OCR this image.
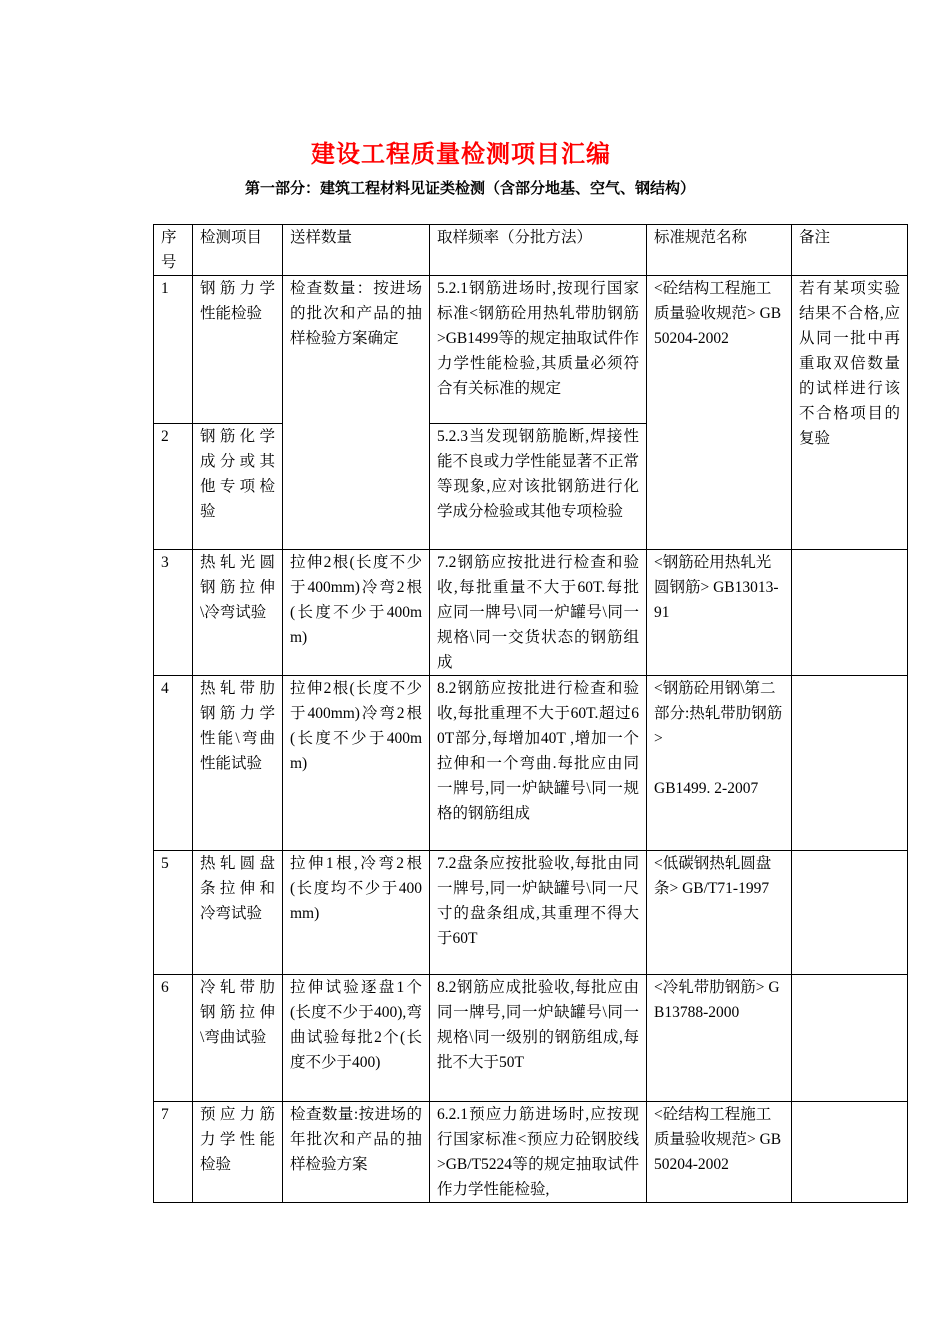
建设工程质量检测项目汇编
第一部分：建筑工程材料见证类检测（含部分地基、空气、钢结构）
序号	检测项目	送样数量	取样频率（分批方法）	标准规范名称	备注
1	钢筋力学性能检验	检查数量：按进场的批次和产品的抽样检验方案确定	5.2.1钢筋进场时,按现行国家标准<钢筋砼用热轧带肋钢筋>GB1499等的规定抽取试件作力学性能检验,其质量必须符合有关标准的规定	<砼结构工程施工质量验收规范> GB50204-2002	若有某项实验结果不合格,应从同一批中再重取双倍数量的试样进行该不合格项目的复验
2	钢筋化学成分或其他专项检验		5.2.3当发现钢筋脆断,焊接性能不良或力学性能显著不正常等现象,应对该批钢筋进行化学成分检验或其他专项检验		
3	热轧光圆钢筋拉伸\冷弯试验	拉伸2根(长度不少于400mm)冷弯2根(长度不少于400mm)	7.2钢筋应按批进行检查和验收,每批重量不大于60T.每批应同一牌号\同一炉罐号\同一规格\同一交货状态的钢筋组成	<钢筋砼用热轧光圆钢筋> GB13013-91	
4	热轧带肋钢筋力学性能\弯曲性能试验	拉伸2根(长度不少于400mm)冷弯2根(长度不少于400mm)	8.2钢筋应按批进行检查和验收,每批重理不大于60T.超过60T部分,每增加40T ,增加一个拉伸和一个弯曲.每批应由同一牌号,同一炉缺罐号\同一规格的钢筋组成	<钢筋砼用钢\第二部分:热轧带肋钢筋>
GB1499. 2-2007	

5	热轧圆盘条拉伸和冷弯试验	拉伸1根,冷弯2根(长度均不少于400mm)	7.2盘条应按批验收,每批由同一牌号,同一炉缺罐号\同一尺寸的盘条组成,其重理不得大于60T	<低碳钢热轧圆盘条> GB/T71-1997	
6	冷轧带肋钢筋拉伸\弯曲试验	拉伸试验逐盘1个(长度不少于400),弯曲试验每批2个(长度不少于400)	8.2钢筋应成批验收,每批应由同一牌号,同一炉缺罐号\同一规格\同一级别的钢筋组成,每批不大于50T	<冷轧带肋钢筋> GB13788-2000	
7	预应力筋力学性能检验	检查数量:按进场的年批次和产品的抽样检验方案	6.2.1预应力筋进场时,应按现行国家标准<预应力砼钢胶线>GB/T5224等的规定抽取试件作力学性能检验,	<砼结构工程施工质量验收规范> GB50204-2002	
